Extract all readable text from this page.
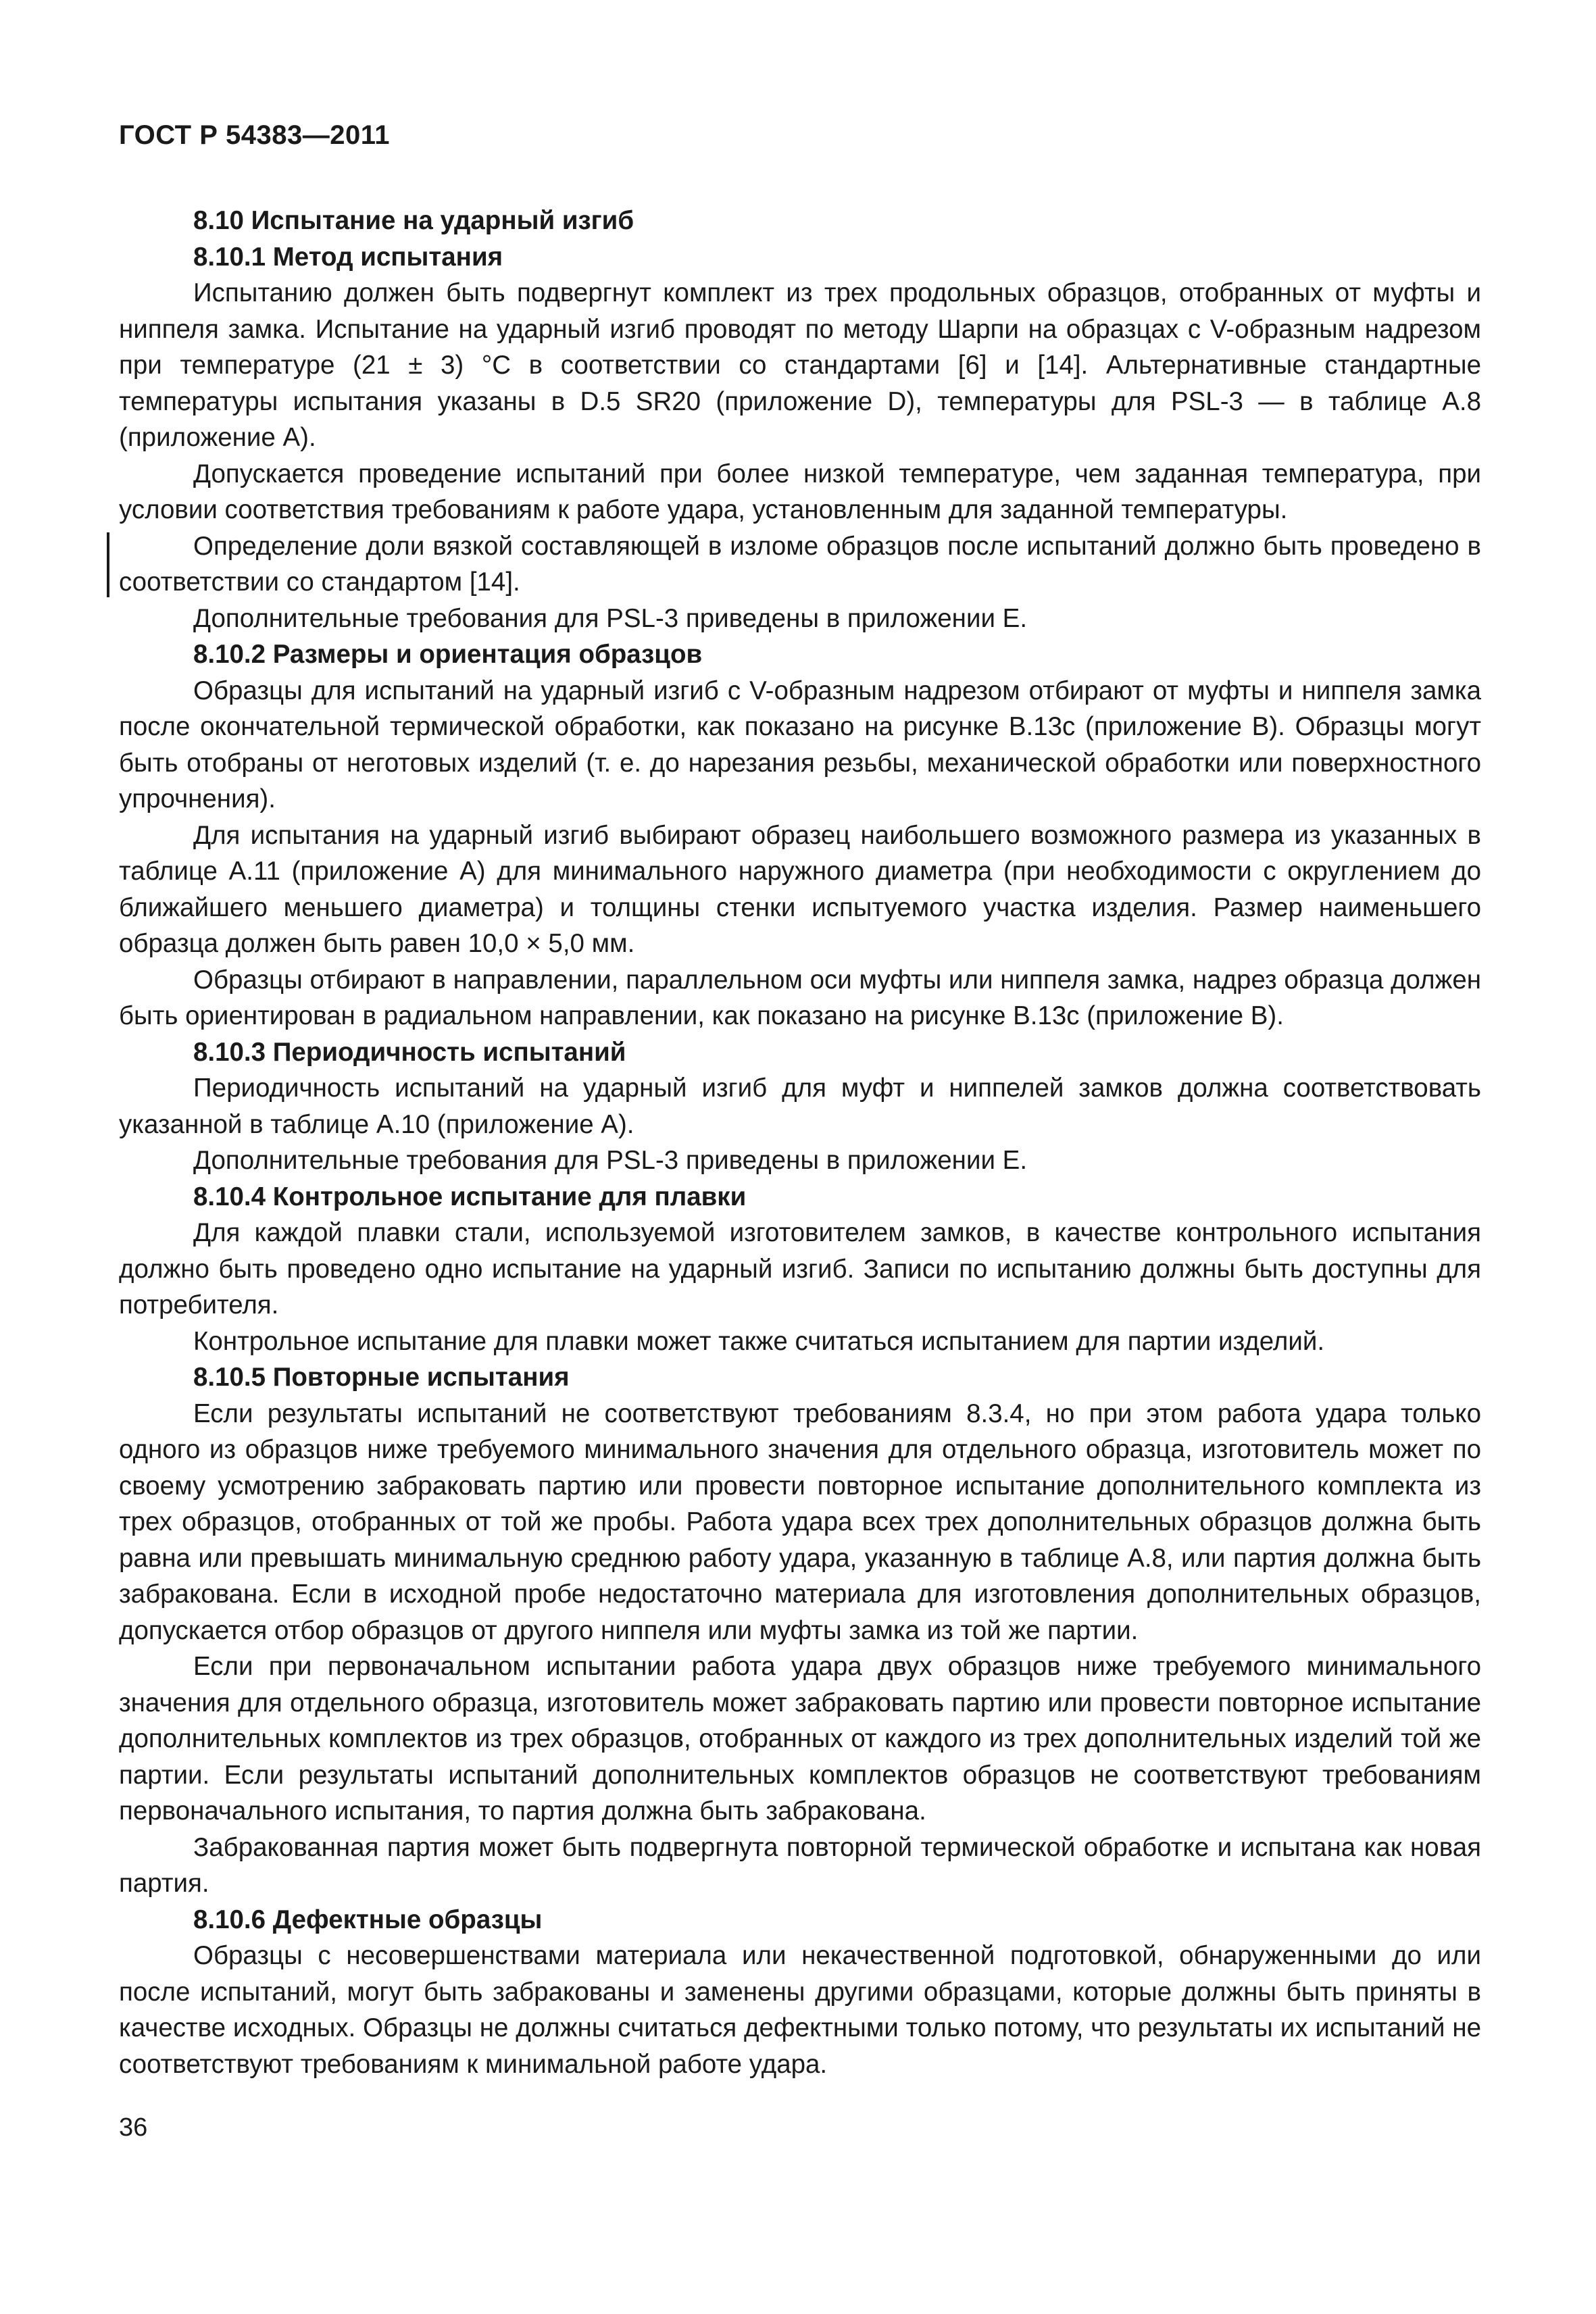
ГОСТ Р 54383—2011
8.10 Испытание на ударный изгиб
8.10.1 Метод испытания

Испытанию должен быть подвергнут комплект из трех продольных образцов, отобранных от муфты и ниппеля замка. Испытание на ударный изгиб проводят по методу Шарпи на образцах с V-образным надрезом при температуре (21 ± 3) °С в соответствии со стандартами [6] и [14]. Альтернативные стандартные температуры испытания указаны в D.5 SR20 (приложение D), температуры для PSL-3 — в таблице А.8 (приложение А).

Допускается проведение испытаний при более низкой температуре, чем заданная температура, при условии соответствия требованиям к работе удара, установленным для заданной температуры.

Определение доли вязкой составляющей в изломе образцов после испытаний должно быть проведено в соответствии со стандартом [14].

Дополнительные требования для PSL-3 приведены в приложении Е.

8.10.2 Размеры и ориентация образцов

Образцы для испытаний на ударный изгиб с V-образным надрезом отбирают от муфты и ниппеля замка после окончательной термической обработки, как показано на рисунке В.13с (приложение В). Образцы могут быть отобраны от неготовых изделий (т. е. до нарезания резьбы, механической обработки или поверхностного упрочнения).

Для испытания на ударный изгиб выбирают образец наибольшего возможного размера из указанных в таблице А.11 (приложение А) для минимального наружного диаметра (при необходимости с округлением до ближайшего меньшего диаметра) и толщины стенки испытуемого участка изделия. Размер наименьшего образца должен быть равен 10,0 × 5,0 мм.

Образцы отбирают в направлении, параллельном оси муфты или ниппеля замка, надрез образца должен быть ориентирован в радиальном направлении, как показано на рисунке В.13с (приложение В).

8.10.3 Периодичность испытаний

Периодичность испытаний на ударный изгиб для муфт и ниппелей замков должна соответствовать указанной в таблице А.10 (приложение А).

Дополнительные требования для PSL-3 приведены в приложении Е.

8.10.4 Контрольное испытание для плавки

Для каждой плавки стали, используемой изготовителем замков, в качестве контрольного испытания должно быть проведено одно испытание на ударный изгиб. Записи по испытанию должны быть доступны для потребителя.

Контрольное испытание для плавки может также считаться испытанием для партии изделий.

8.10.5 Повторные испытания

Если результаты испытаний не соответствуют требованиям 8.3.4, но при этом работа удара только одного из образцов ниже требуемого минимального значения для отдельного образца, изготовитель может по своему усмотрению забраковать партию или провести повторное испытание дополнительного комплекта из трех образцов, отобранных от той же пробы. Работа удара всех трех дополнительных образцов должна быть равна или превышать минимальную среднюю работу удара, указанную в таблице А.8, или партия должна быть забракована. Если в исходной пробе недостаточно материала для изготовления дополнительных образцов, допускается отбор образцов от другого ниппеля или муфты замка из той же партии.

Если при первоначальном испытании работа удара двух образцов ниже требуемого минимального значения для отдельного образца, изготовитель может забраковать партию или провести повторное испытание дополнительных комплектов из трех образцов, отобранных от каждого из трех дополнительных изделий той же партии. Если результаты испытаний дополнительных комплектов образцов не соответствуют требованиям первоначального испытания, то партия должна быть забракована.

Забракованная партия может быть подвергнута повторной термической обработке и испытана как новая партия.

8.10.6 Дефектные образцы

Образцы с несовершенствами материала или некачественной подготовкой, обнаруженными до или после испытаний, могут быть забракованы и заменены другими образцами, которые должны быть приняты в качестве исходных. Образцы не должны считаться дефектными только потому, что результаты их испытаний не соответствуют требованиям к минимальной работе удара.

36
